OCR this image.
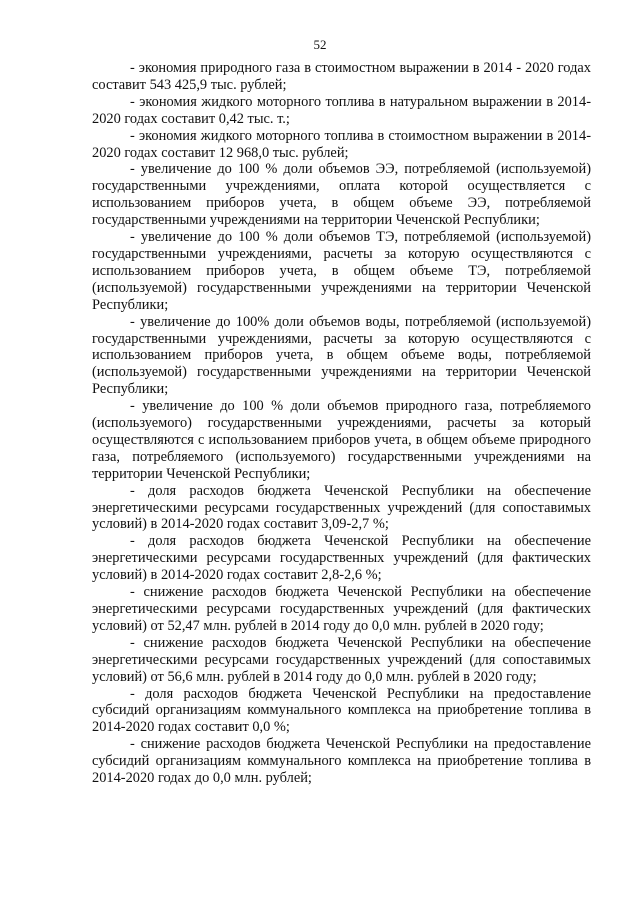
52

- экономия природного газа в стоимостном выражении в 2014 - 2020 годах составит 543 425,9 тыс. рублей;

- экономия жидкого моторного топлива в натуральном выражении в 2014-2020 годах составит 0,42 тыс. т.;

- экономия жидкого моторного топлива в стоимостном выражении в 2014-2020 годах составит 12 968,0 тыс. рублей;

- увеличение до 100 % доли объемов ЭЭ, потребляемой (используемой) государственными учреждениями, оплата которой осуществляется с использованием приборов учета, в общем объеме ЭЭ, потребляемой государственными учреждениями на территории Чеченской Республики;

- увеличение до 100 % доли объемов ТЭ, потребляемой (используемой) государственными учреждениями, расчеты за которую осуществляются с использованием приборов учета, в общем объеме ТЭ, потребляемой (используемой) государственными учреждениями на территории Чеченской Республики;

- увеличение до 100% доли объемов воды, потребляемой (используемой) государственными учреждениями, расчеты за которую осуществляются с использованием приборов учета, в общем объеме воды, потребляемой (используемой) государственными учреждениями на территории Чеченской Республики;

- увеличение до 100 % доли объемов природного газа, потребляемого (используемого) государственными учреждениями, расчеты за который осуществляются с использованием приборов учета, в общем объеме природного газа, потребляемого (используемого) государственными учреждениями на территории Чеченской Республики;

- доля расходов бюджета Чеченской Республики на обеспечение энергетическими ресурсами государственных учреждений (для сопоставимых условий) в 2014-2020 годах составит 3,09-2,7 %;

- доля расходов бюджета Чеченской Республики на обеспечение энергетическими ресурсами государственных учреждений (для фактических условий) в 2014-2020 годах составит 2,8-2,6 %;

- снижение расходов бюджета Чеченской Республики на обеспечение энергетическими ресурсами государственных учреждений (для фактических условий) от 52,47 млн. рублей в 2014 году до 0,0 млн. рублей в 2020 году;

- снижение расходов бюджета Чеченской Республики на обеспечение энергетическими ресурсами государственных учреждений (для сопоставимых условий) от 56,6 млн. рублей в 2014 году до 0,0 млн. рублей в 2020 году;

- доля расходов бюджета Чеченской Республики на предоставление субсидий организациям коммунального комплекса на приобретение топлива в 2014-2020 годах составит 0,0 %;

- снижение расходов бюджета Чеченской Республики на предоставление субсидий организациям коммунального комплекса на приобретение топлива в 2014-2020 годах до 0,0 млн. рублей;
